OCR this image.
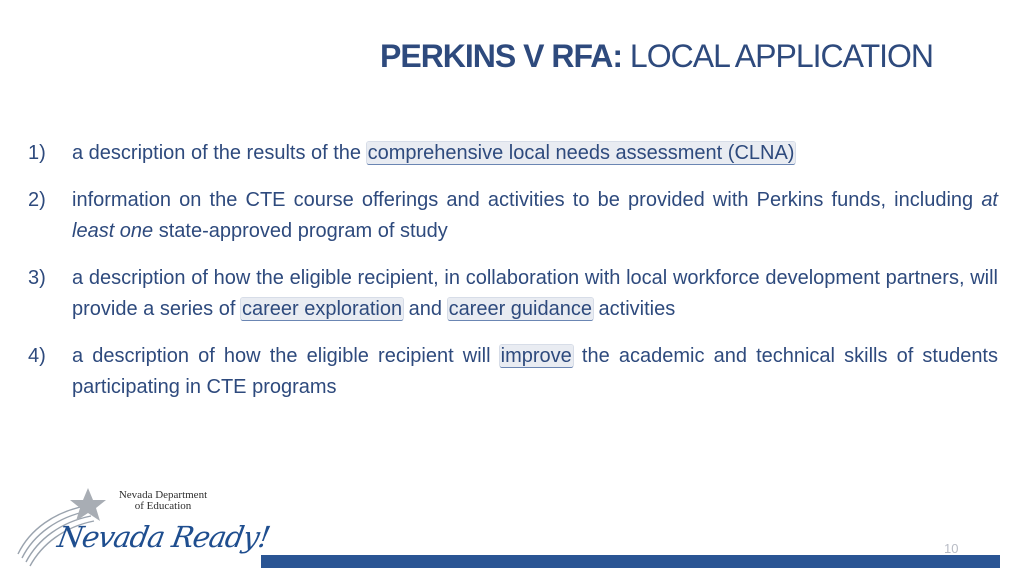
PERKINS V RFA: LOCAL APPLICATION
1) a description of the results of the comprehensive local needs assessment (CLNA)
2) information on the CTE course offerings and activities to be provided with Perkins funds, including at least one state-approved program of study
3) a description of how the eligible recipient, in collaboration with local workforce development partners, will provide a series of career exploration and career guidance activities
4) a description of how the eligible recipient will improve the academic and technical skills of students participating in CTE programs
Nevada Department
of Education
Nevada Ready!	10
